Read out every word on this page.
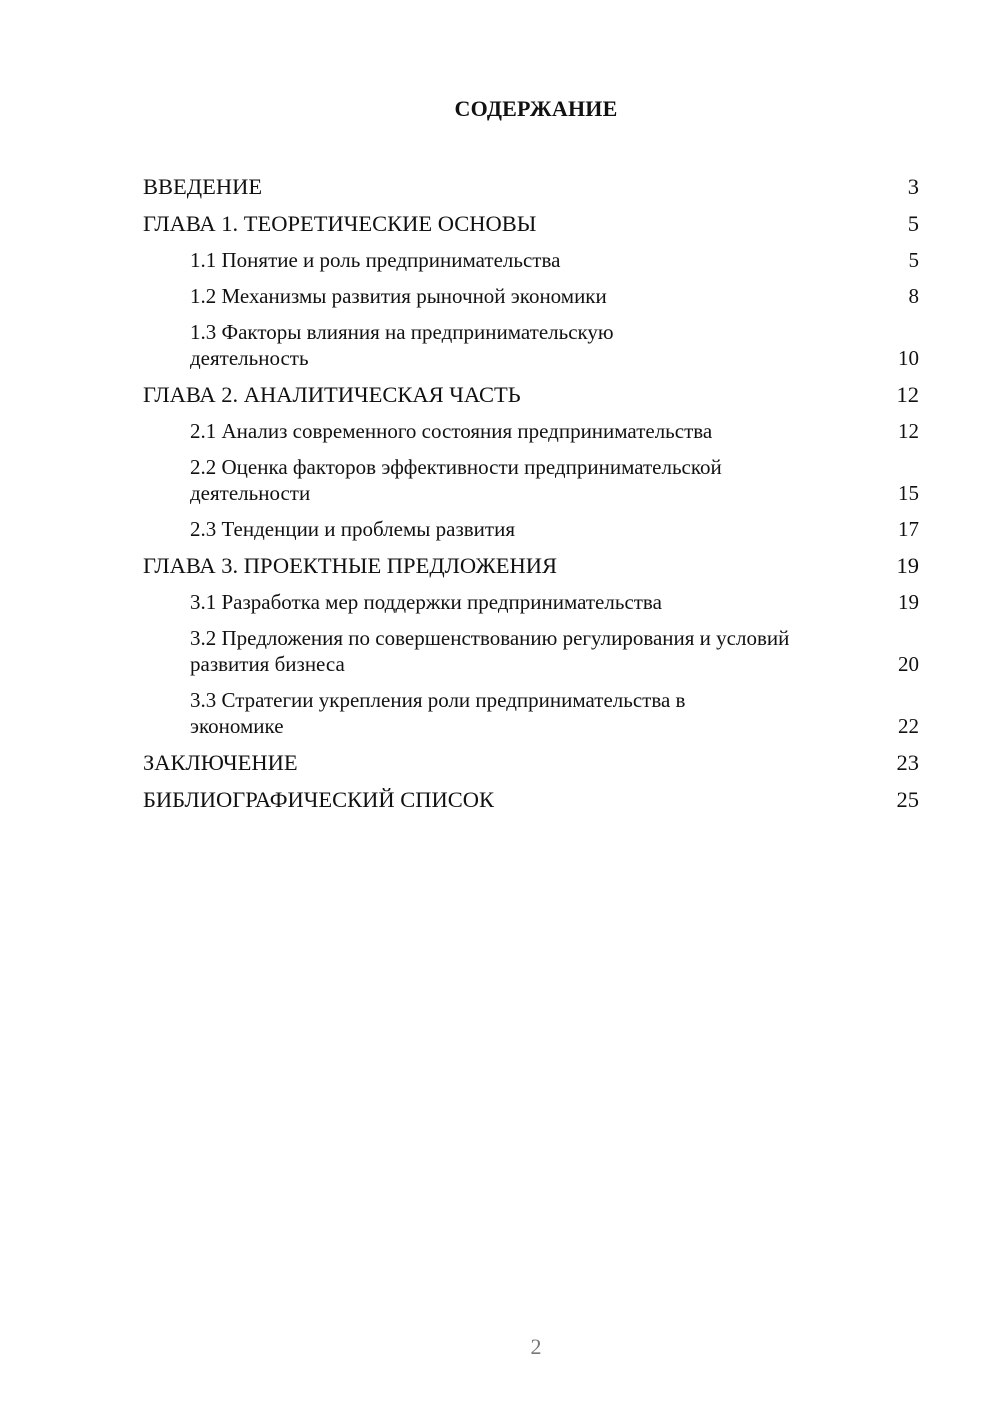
СОДЕРЖАНИЕ
ВВЕДЕНИЕ	3
ГЛАВА 1. ТЕОРЕТИЧЕСКИЕ ОСНОВЫ	5
1.1 Понятие и роль предпринимательства	5
1.2 Механизмы развития рыночной экономики	8
1.3 Факторы влияния на предпринимательскую деятельность	10
ГЛАВА 2. АНАЛИТИЧЕСКАЯ ЧАСТЬ	12
2.1 Анализ современного состояния предпринимательства	12
2.2 Оценка факторов эффективности предпринимательской деятельности	15
2.3 Тенденции и проблемы развития	17
ГЛАВА 3. ПРОЕКТНЫЕ ПРЕДЛОЖЕНИЯ	19
3.1 Разработка мер поддержки предпринимательства	19
3.2 Предложения по совершенствованию регулирования и условий развития бизнеса	20
3.3 Стратегии укрепления роли предпринимательства в экономике	22
ЗАКЛЮЧЕНИЕ	23
БИБЛИОГРАФИЧЕСКИЙ СПИСОК	25
2
